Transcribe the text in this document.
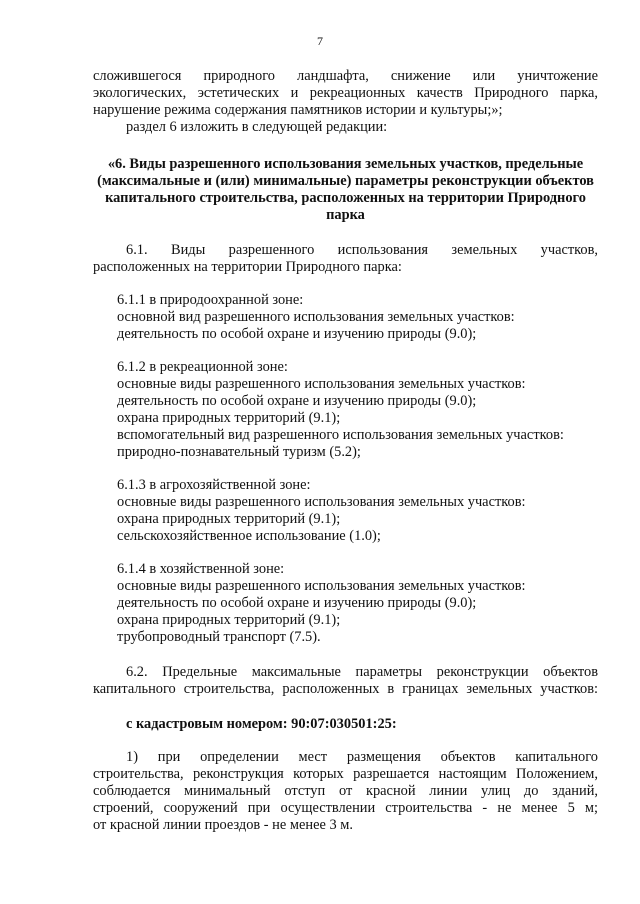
7
сложившегося природного ландшафта, снижение или уничтожение
экологических, эстетических и рекреационных качеств Природного парка,
нарушение режима содержания памятников истории и культуры;»;
раздел 6 изложить в следующей редакции:
«6. Виды разрешенного использования земельных участков, предельные (максимальные и (или) минимальные) параметры реконструкции объектов капитального строительства, расположенных на территории Природного парка
6.1. Виды разрешенного использования земельных участков,
расположенных на территории Природного парка:
6.1.1 в природоохранной зоне:
основной вид разрешенного использования земельных участков:
деятельность по особой охране и изучению природы (9.0);
6.1.2 в рекреационной зоне:
основные виды разрешенного использования земельных участков:
деятельность по особой охране и изучению природы (9.0);
охрана природных территорий (9.1);
вспомогательный вид разрешенного использования земельных участков:
природно-познавательный туризм (5.2);
6.1.3 в агрохозяйственной зоне:
основные виды разрешенного использования земельных участков:
охрана природных территорий (9.1);
сельскохозяйственное использование (1.0);
6.1.4 в хозяйственной зоне:
основные виды разрешенного использования земельных участков:
деятельность по особой охране и изучению природы (9.0);
охрана природных территорий (9.1);
трубопроводный транспорт (7.5).
6.2. Предельные максимальные параметры реконструкции объектов
капитального строительства, расположенных в границах земельных участков:
с кадастровым номером: 90:07:030501:25:
1) при определении мест размещения объектов капитального
строительства, реконструкция которых разрешается настоящим Положением,
соблюдается минимальный отступ от красной линии улиц до зданий,
строений, сооружений при осуществлении строительства - не менее 5 м;
от красной линии проездов - не менее 3 м.
